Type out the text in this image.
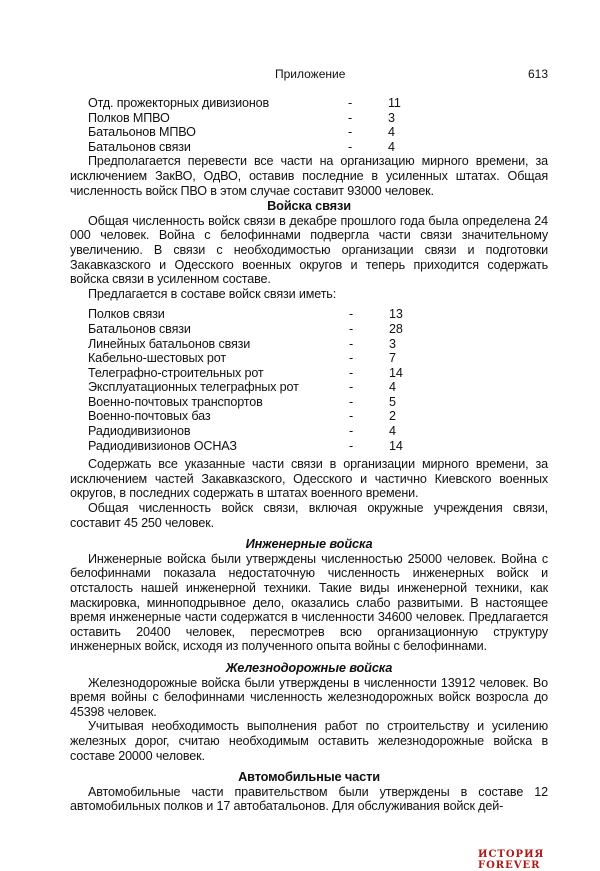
Приложение	613
Отд. прожекторных дивизионов	-	11
Полков МПВО	-	3
Батальонов МПВО	-	4
Батальонов связи	-	4

Предполагается перевести все части на организацию мирного времени, за исключением ЗакВО, ОдВО, оставив последние в усиленных штатах. Общая численность войск ПВО в этом случае составит 93000 человек.

Войска связи

Общая численность войск связи в декабре прошлого года была определена 24 000 человек. Война с белофиннами подвергла части связи значительному увеличению. В связи с необходимостью организации связи и подготовки Закавказского и Одесского военных округов и теперь приходится содержать войска связи в усиленном составе.

Предлагается в составе войск связи иметь:

Полков связи	-	13
Батальонов связи	-	28
Линейных батальонов связи	-	3
Кабельно-шестовых рот	-	7
Телеграфно-строительных рот	-	14
Эксплуатационных телеграфных рот	-	4
Военно-почтовых транспортов	-	5
Военно-почтовых баз	-	2
Радиодивизионов	-	4
Радиодивизионов ОСНАЗ	-	14

Содержать все указанные части связи в организации мирного времени, за исключением частей Закавказского, Одесского и частично Киевского военных округов, в последних содержать в штатах военного времени.

Общая численность войск связи, включая окружные учреждения связи, составит 45 250 человек.

Инженерные войска

Инженерные войска были утверждены численностью 25000 человек. Война с белофиннами показала недостаточную численность инженерных войск и отсталость нашей инженерной техники. Такие виды инженерной техники, как маскировка, минноподрывное дело, оказались слабо развитыми. В настоящее время инженерные части содержатся в численности 34600 человек. Предлагается оставить 20400 человек, пересмотрев всю организационную структуру инженерных войск, исходя из полученного опыта войны с белофиннами.

Железнодорожные войска

Железнодорожные войска были утверждены в численности 13912 человек. Во время войны с белофиннами численность железнодорожных войск возросла до 45398 человек.

Учитывая необходимость выполнения работ по строительству и усилению железных дорог, считаю необходимым оставить железнодорожные войска в составе 20000 человек.

Автомобильные части

Автомобильные части правительством были утверждены в составе 12 автомобильных полков и 17 автобатальонов. Для обслуживания войск дей-

ИСТОРИЯ FOREVER
